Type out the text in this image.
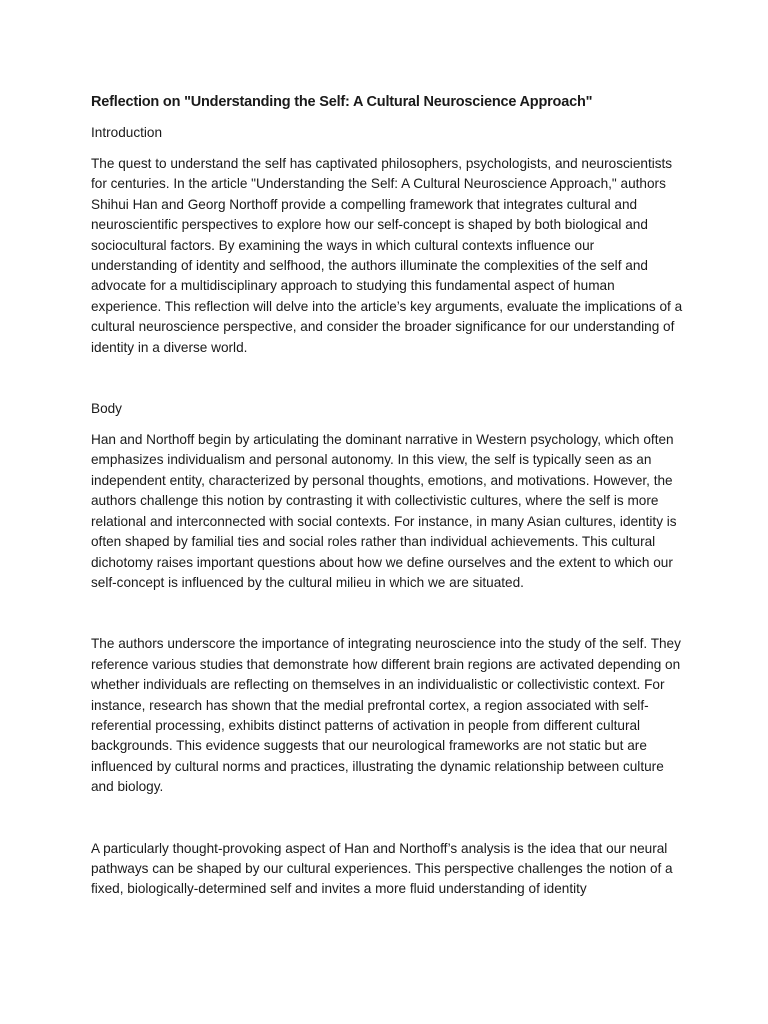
Reflection on "Understanding the Self: A Cultural Neuroscience Approach"
Introduction

The quest to understand the self has captivated philosophers, psychologists, and neuroscientists for centuries. In the article "Understanding the Self: A Cultural Neuroscience Approach," authors Shihui Han and Georg Northoff provide a compelling framework that integrates cultural and neuroscientific perspectives to explore how our self-concept is shaped by both biological and sociocultural factors. By examining the ways in which cultural contexts influence our understanding of identity and selfhood, the authors illuminate the complexities of the self and advocate for a multidisciplinary approach to studying this fundamental aspect of human experience. This reflection will delve into the article’s key arguments, evaluate the implications of a cultural neuroscience perspective, and consider the broader significance for our understanding of identity in a diverse world.

Body

Han and Northoff begin by articulating the dominant narrative in Western psychology, which often emphasizes individualism and personal autonomy. In this view, the self is typically seen as an independent entity, characterized by personal thoughts, emotions, and motivations. However, the authors challenge this notion by contrasting it with collectivistic cultures, where the self is more relational and interconnected with social contexts. For instance, in many Asian cultures, identity is often shaped by familial ties and social roles rather than individual achievements. This cultural dichotomy raises important questions about how we define ourselves and the extent to which our self-concept is influenced by the cultural milieu in which we are situated.

The authors underscore the importance of integrating neuroscience into the study of the self. They reference various studies that demonstrate how different brain regions are activated depending on whether individuals are reflecting on themselves in an individualistic or collectivistic context. For instance, research has shown that the medial prefrontal cortex, a region associated with self-referential processing, exhibits distinct patterns of activation in people from different cultural backgrounds. This evidence suggests that our neurological frameworks are not static but are influenced by cultural norms and practices, illustrating the dynamic relationship between culture and biology.

A particularly thought-provoking aspect of Han and Northoff’s analysis is the idea that our neural pathways can be shaped by our cultural experiences. This perspective challenges the notion of a fixed, biologically-determined self and invites a more fluid understanding of identity
